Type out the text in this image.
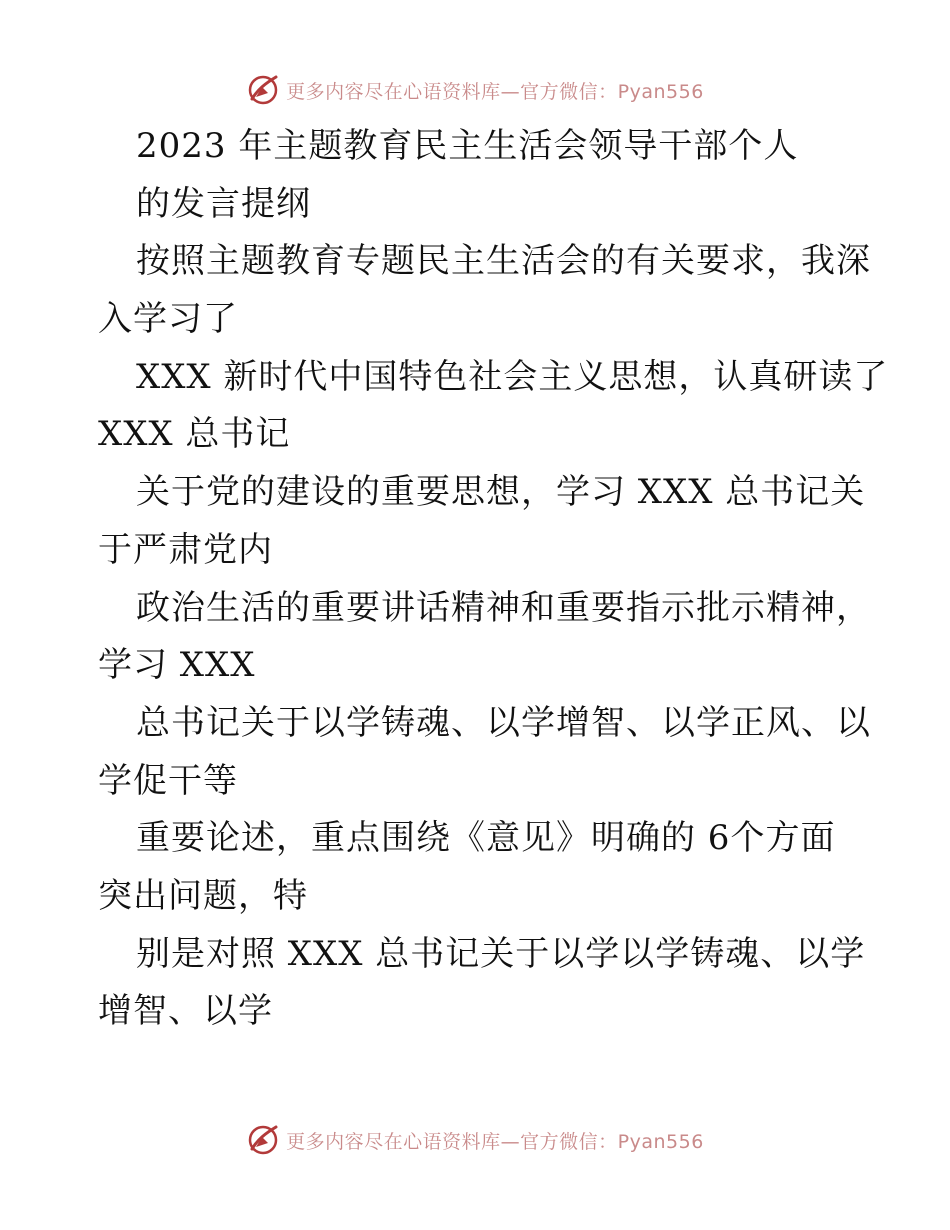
更多内容尽在心语资料库—官方微信：Pyan556
2023 年主题教育民主生活会领导干部个人
的发言提纲
按照主题教育专题民主生活会的有关要求，我深
入学习了
XXX 新时代中国特色社会主义思想，认真研读了
XXX 总书记
关于党的建设的重要思想，学习 XXX 总书记关
于严肃党内
政治生活的重要讲话精神和重要指示批示精神，
学习 XXX
总书记关于以学铸魂、以学增智、以学正风、以
学促干等
重要论述，重点围绕《意见》明确的 6个方面
突出问题，特
别是对照 XXX 总书记关于以学以学铸魂、以学
增智、以学
更多内容尽在心语资料库—官方微信：Pyan556
